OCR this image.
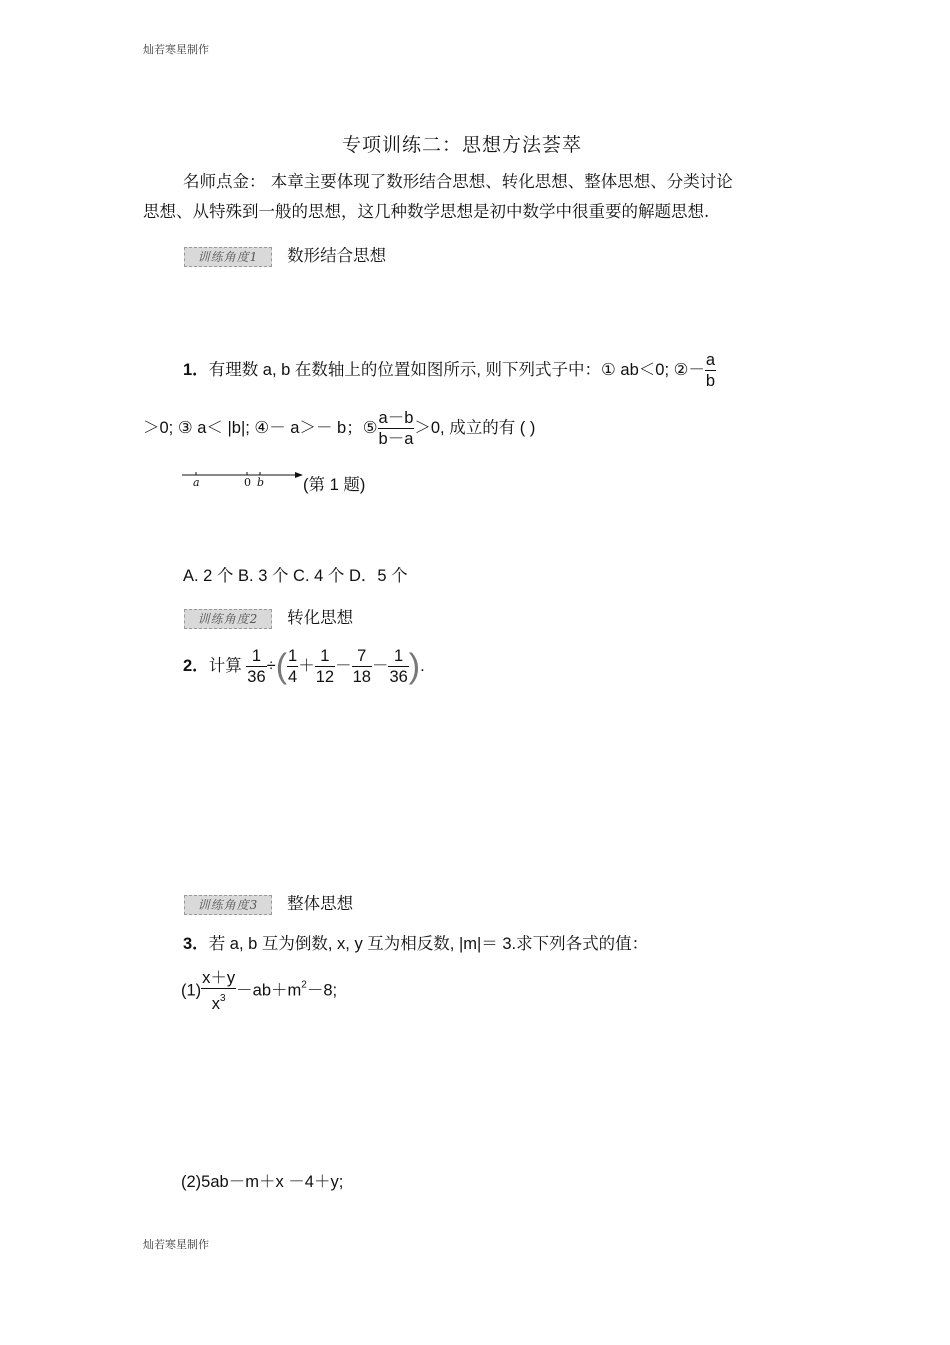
灿若寒星制作
专项训练二：思想方法荟萃
名师点金： 本章主要体现了数形结合思想、转化思想、整体思想、分类讨论
思想、从特殊到一般的思想，这几种数学思想是初中数学中很重要的解题思想.
训练角度1 数形结合思想
1．有理数 a, b 在数轴上的位置如图所示, 则下列式子中：① ab＜0; ②－ $\frac{a}{b}$
＞0; ③ a＜ |b|; ④－ a＞－ b；⑤ $\frac{a-b}{b-a} >0$, 成立的有 ( )
a	0 b (第 1 题)
A. 2 个 B. 3 个 C. 4 个 D．5 个
训练角度2 转化思想
2．计算 $\frac{1}{36}$ ÷( $\frac{1}{4} + \frac{1}{12} - \frac{7}{18} - \frac{1}{36}$ ).
训练角度3 整体思想
3．若 a, b 互为倒数, x, y 互为相反数, |m|＝ 3.求下列各式的值：
$(1) \frac{x+y}{x^3} -ab+m^2-8$;
(2)5ab－m＋x －4＋y;
灿若寒星制作
